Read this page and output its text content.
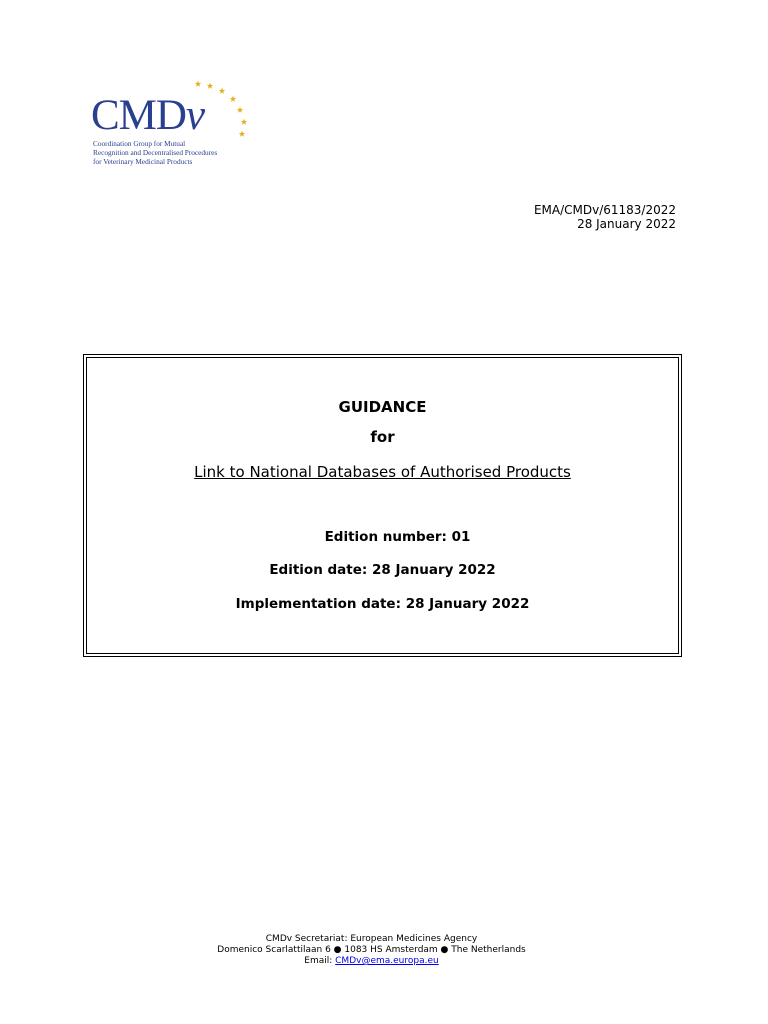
CMDv
Coordination Group for Mutual
Recognition and Decentralised Procedures
for Veterinary Medicinal Products
EMA/CMDv/61183/2022
28 January 2022
GUIDANCE
for
Link to National Databases of Authorised Products
Edition number: 01
Edition date: 28 January 2022
Implementation date: 28 January 2022
CMDv Secretariat: European Medicines Agency
Domenico Scarlattilaan 6 ● 1083 HS Amsterdam ● The Netherlands
Email: CMDv@ema.europa.eu
